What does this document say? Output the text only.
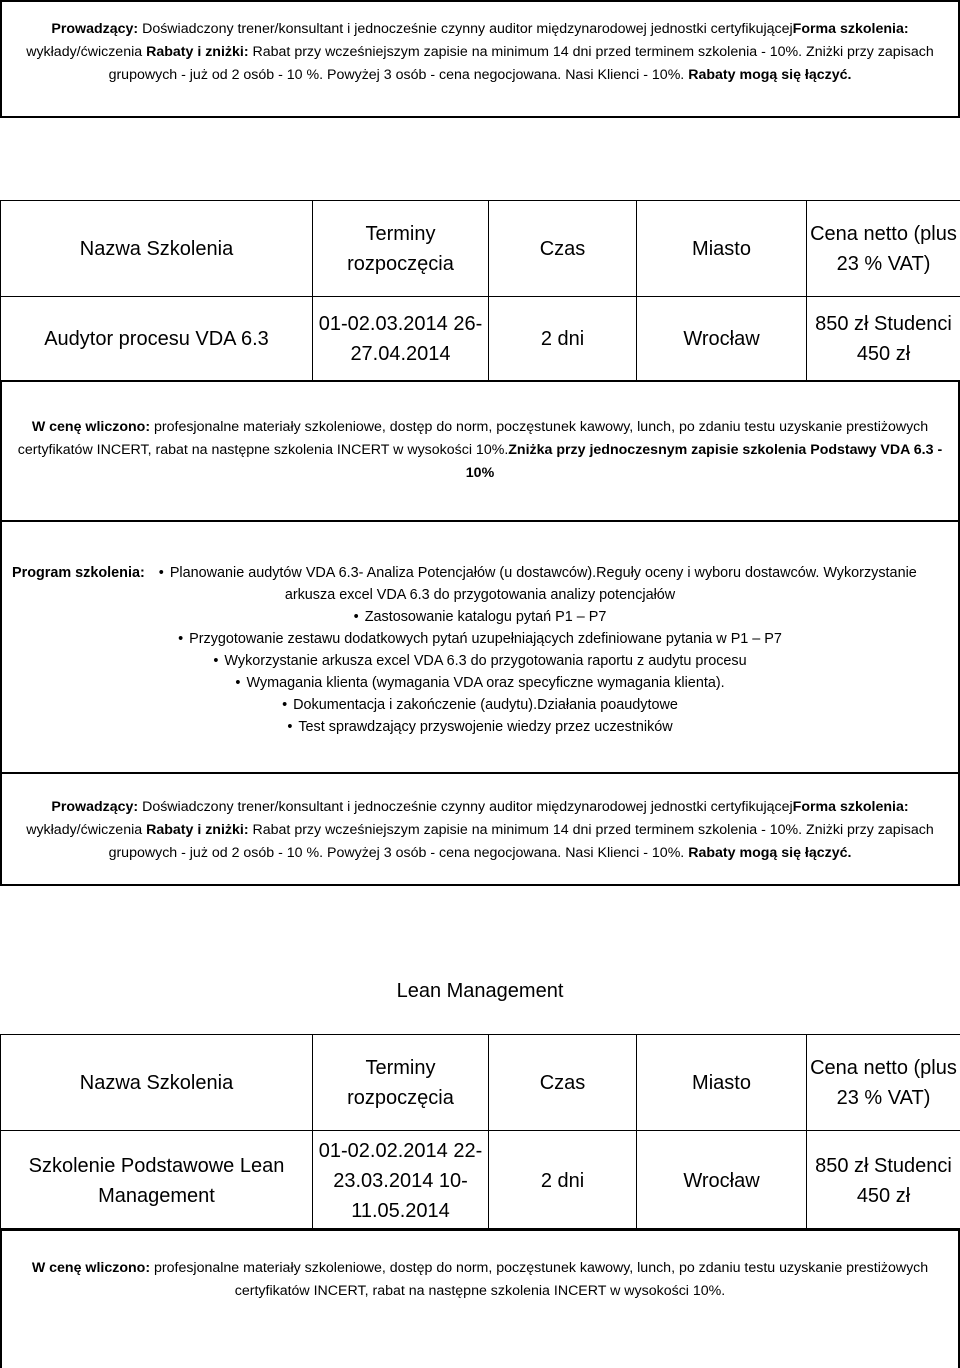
Prowadzący: Doświadczony trener/konsultant i jednocześnie czynny auditor międzynarodowej jednostki certyfikującejForma szkolenia:
wykłady/ćwiczenia Rabaty i zniżki: Rabat przy wcześniejszym zapisie na minimum 14 dni przed terminem szkolenia - 10%. Zniżki przy zapisach
grupowych - już od 2 osób - 10 %. Powyżej 3 osób - cena negocjowana. Nasi Klienci - 10%. Rabaty mogą się łączyć.
Nazwa Szkolenia	Terminy rozpoczęcia	Czas	Miasto	Cena netto (plus 23 % VAT)
Audytor procesu VDA 6.3	01-02.03.2014 26-27.04.2014	2 dni	Wrocław	850 zł Studenci 450 zł
W cenę wliczono: profesjonalne materiały szkoleniowe, dostęp do norm, poczęstunek kawowy, lunch, po zdaniu testu uzyskanie prestiżowych
certyfikatów INCERT, rabat na następne szkolenia INCERT w wysokości 10%.Zniżka przy jednoczesnym zapisie szkolenia Podstawy VDA 6.3 -
10%
Program szkolenia: • Planowanie audytów VDA 6.3- Analiza Potencjałów (u dostawców).Reguły oceny i wyboru dostawców. Wykorzystanie
arkusza excel VDA 6.3 do przygotowania analizy potencjałów
• Zastosowanie katalogu pytań P1 – P7
• Przygotowanie zestawu dodatkowych pytań uzupełniających zdefiniowane pytania w P1 – P7
• Wykorzystanie arkusza excel VDA 6.3 do przygotowania raportu z audytu procesu
• Wymagania klienta (wymagania VDA oraz specyficzne wymagania klienta).
• Dokumentacja i zakończenie (audytu).Działania poaudytowe
• Test sprawdzający przyswojenie wiedzy przez uczestników
Prowadzący: Doświadczony trener/konsultant i jednocześnie czynny auditor międzynarodowej jednostki certyfikującejForma szkolenia:
wykłady/ćwiczenia Rabaty i zniżki: Rabat przy wcześniejszym zapisie na minimum 14 dni przed terminem szkolenia - 10%. Zniżki przy zapisach
grupowych - już od 2 osób - 10 %. Powyżej 3 osób - cena negocjowana. Nasi Klienci - 10%. Rabaty mogą się łączyć.
Lean Management
Nazwa Szkolenia	Terminy rozpoczęcia	Czas	Miasto	Cena netto (plus 23 % VAT)
Szkolenie Podstawowe Lean Management	01-02.02.2014 22-23.03.2014 10-11.05.2014	2 dni	Wrocław	850 zł Studenci 450 zł
W cenę wliczono: profesjonalne materiały szkoleniowe, dostęp do norm, poczęstunek kawowy, lunch, po zdaniu testu uzyskanie prestiżowych
certyfikatów INCERT, rabat na następne szkolenia INCERT w wysokości 10%.
